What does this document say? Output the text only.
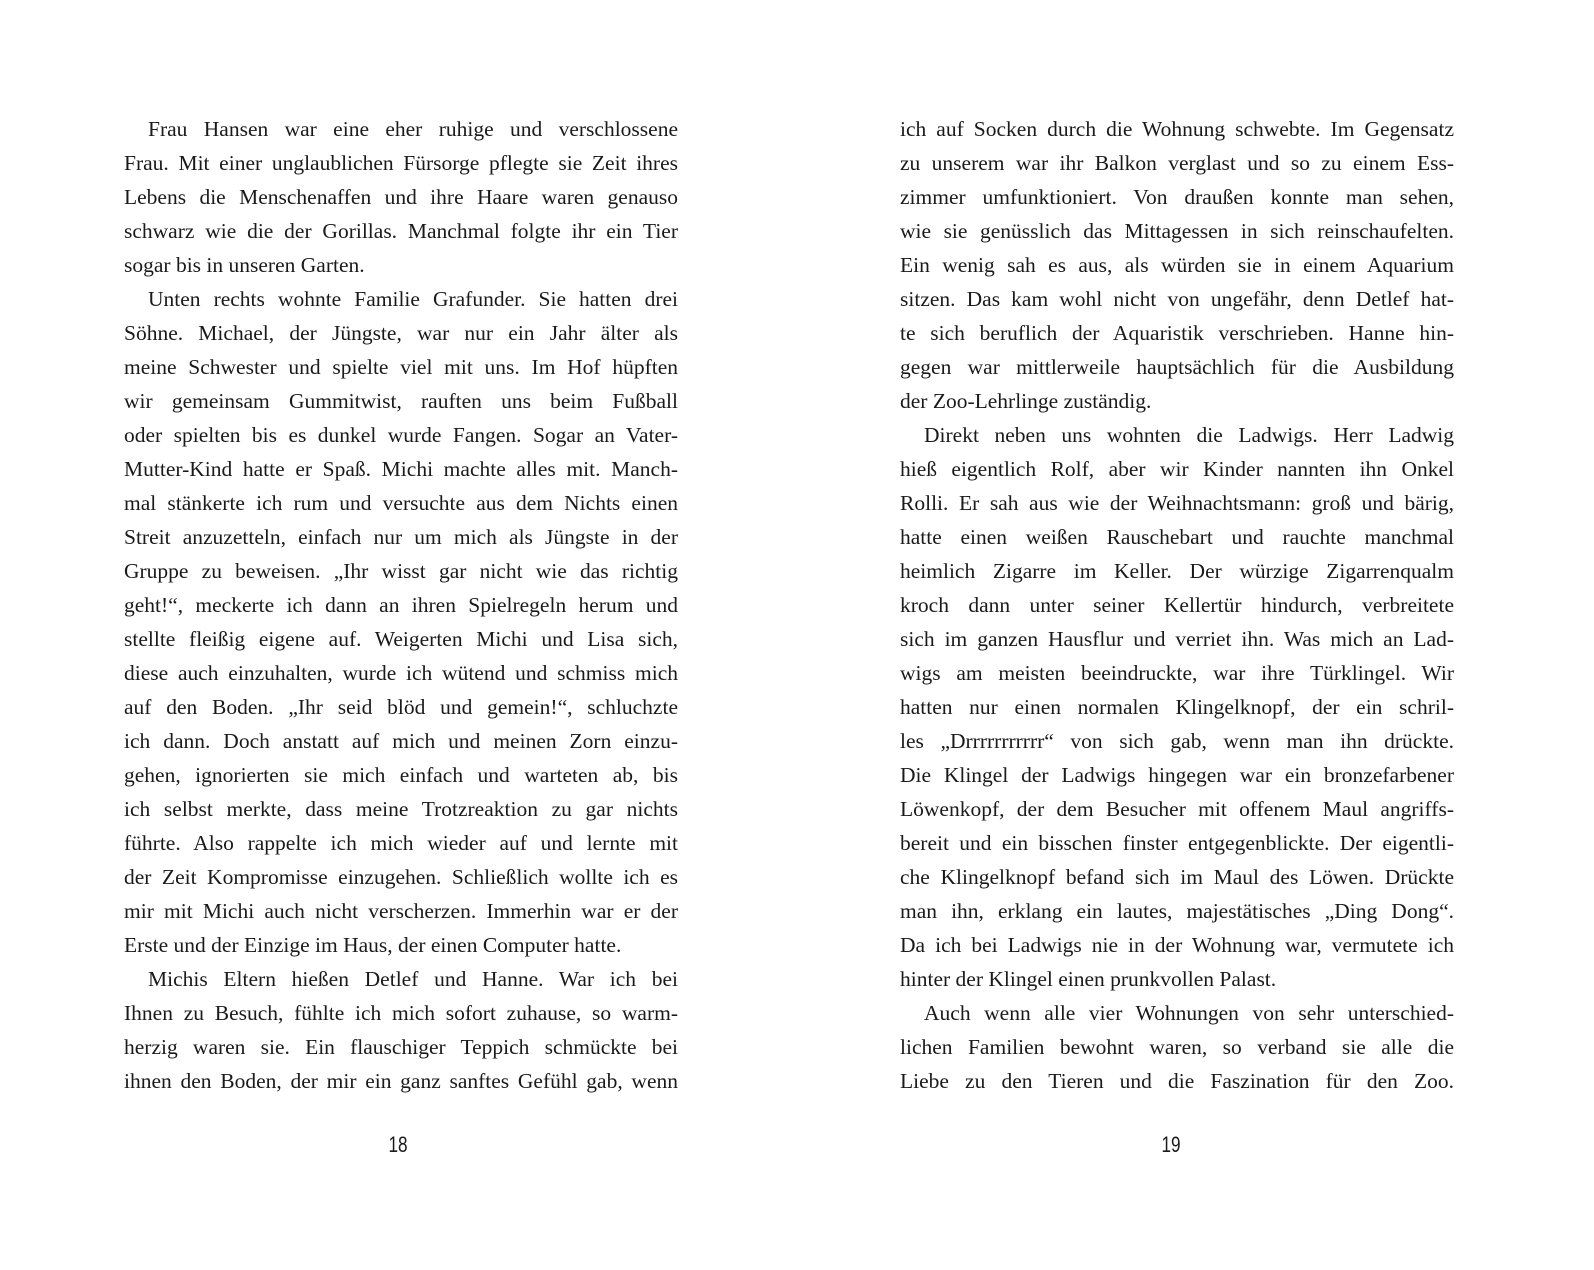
Frau Hansen war eine eher ruhige und verschlossene
Frau. Mit einer unglaublichen Fürsorge pflegte sie Zeit ihres
Lebens die Menschenaffen und ihre Haare waren genauso
schwarz wie die der Gorillas. Manchmal folgte ihr ein Tier
sogar bis in unseren Garten.
Unten rechts wohnte Familie Grafunder. Sie hatten drei
Söhne. Michael, der Jüngste, war nur ein Jahr älter als
meine Schwester und spielte viel mit uns. Im Hof hüpften
wir gemeinsam Gummitwist, rauften uns beim Fußball
oder spielten bis es dunkel wurde Fangen. Sogar an Vater-
Mutter-Kind hatte er Spaß. Michi machte alles mit. Manch-
mal stänkerte ich rum und versuchte aus dem Nichts einen
Streit anzuzetteln, einfach nur um mich als Jüngste in der
Gruppe zu beweisen. „Ihr wisst gar nicht wie das richtig
geht!“, meckerte ich dann an ihren Spielregeln herum und
stellte fleißig eigene auf. Weigerten Michi und Lisa sich,
diese auch einzuhalten, wurde ich wütend und schmiss mich
auf den Boden. „Ihr seid blöd und gemein!“, schluchzte
ich dann. Doch anstatt auf mich und meinen Zorn einzu-
gehen, ignorierten sie mich einfach und warteten ab, bis
ich selbst merkte, dass meine Trotzreaktion zu gar nichts
führte. Also rappelte ich mich wieder auf und lernte mit
der Zeit Kompromisse einzugehen. Schließlich wollte ich es
mir mit Michi auch nicht verscherzen. Immerhin war er der
Erste und der Einzige im Haus, der einen Computer hatte.
Michis Eltern hießen Detlef und Hanne. War ich bei
Ihnen zu Besuch, fühlte ich mich sofort zuhause, so warm-
herzig waren sie. Ein flauschiger Teppich schmückte bei
ihnen den Boden, der mir ein ganz sanftes Gefühl gab, wenn
ich auf Socken durch die Wohnung schwebte. Im Gegensatz
zu unserem war ihr Balkon verglast und so zu einem Ess-
zimmer umfunktioniert. Von draußen konnte man sehen,
wie sie genüsslich das Mittagessen in sich reinschaufelten.
Ein wenig sah es aus, als würden sie in einem Aquarium
sitzen. Das kam wohl nicht von ungefähr, denn Detlef hat-
te sich beruflich der Aquaristik verschrieben. Hanne hin-
gegen war mittlerweile hauptsächlich für die Ausbildung
der Zoo-Lehrlinge zuständig.
Direkt neben uns wohnten die Ladwigs. Herr Ladwig
hieß eigentlich Rolf, aber wir Kinder nannten ihn Onkel
Rolli. Er sah aus wie der Weihnachtsmann: groß und bärig,
hatte einen weißen Rauschebart und rauchte manchmal
heimlich Zigarre im Keller. Der würzige Zigarrenqualm
kroch dann unter seiner Kellertür hindurch, verbreitete
sich im ganzen Hausflur und verriet ihn. Was mich an Lad-
wigs am meisten beeindruckte, war ihre Türklingel. Wir
hatten nur einen normalen Klingelknopf, der ein schril-
les „Drrrrrrrrrrr“ von sich gab, wenn man ihn drückte.
Die Klingel der Ladwigs hingegen war ein bronzefarbener
Löwenkopf, der dem Besucher mit offenem Maul angriffs-
bereit und ein bisschen finster entgegenblickte. Der eigentli-
che Klingelknopf befand sich im Maul des Löwen. Drückte
man ihn, erklang ein lautes, majestätisches „Ding Dong“.
Da ich bei Ladwigs nie in der Wohnung war, vermutete ich
hinter der Klingel einen prunkvollen Palast.
Auch wenn alle vier Wohnungen von sehr unterschied-
lichen Familien bewohnt waren, so verband sie alle die
Liebe zu den Tieren und die Faszination für den Zoo.
18	19
